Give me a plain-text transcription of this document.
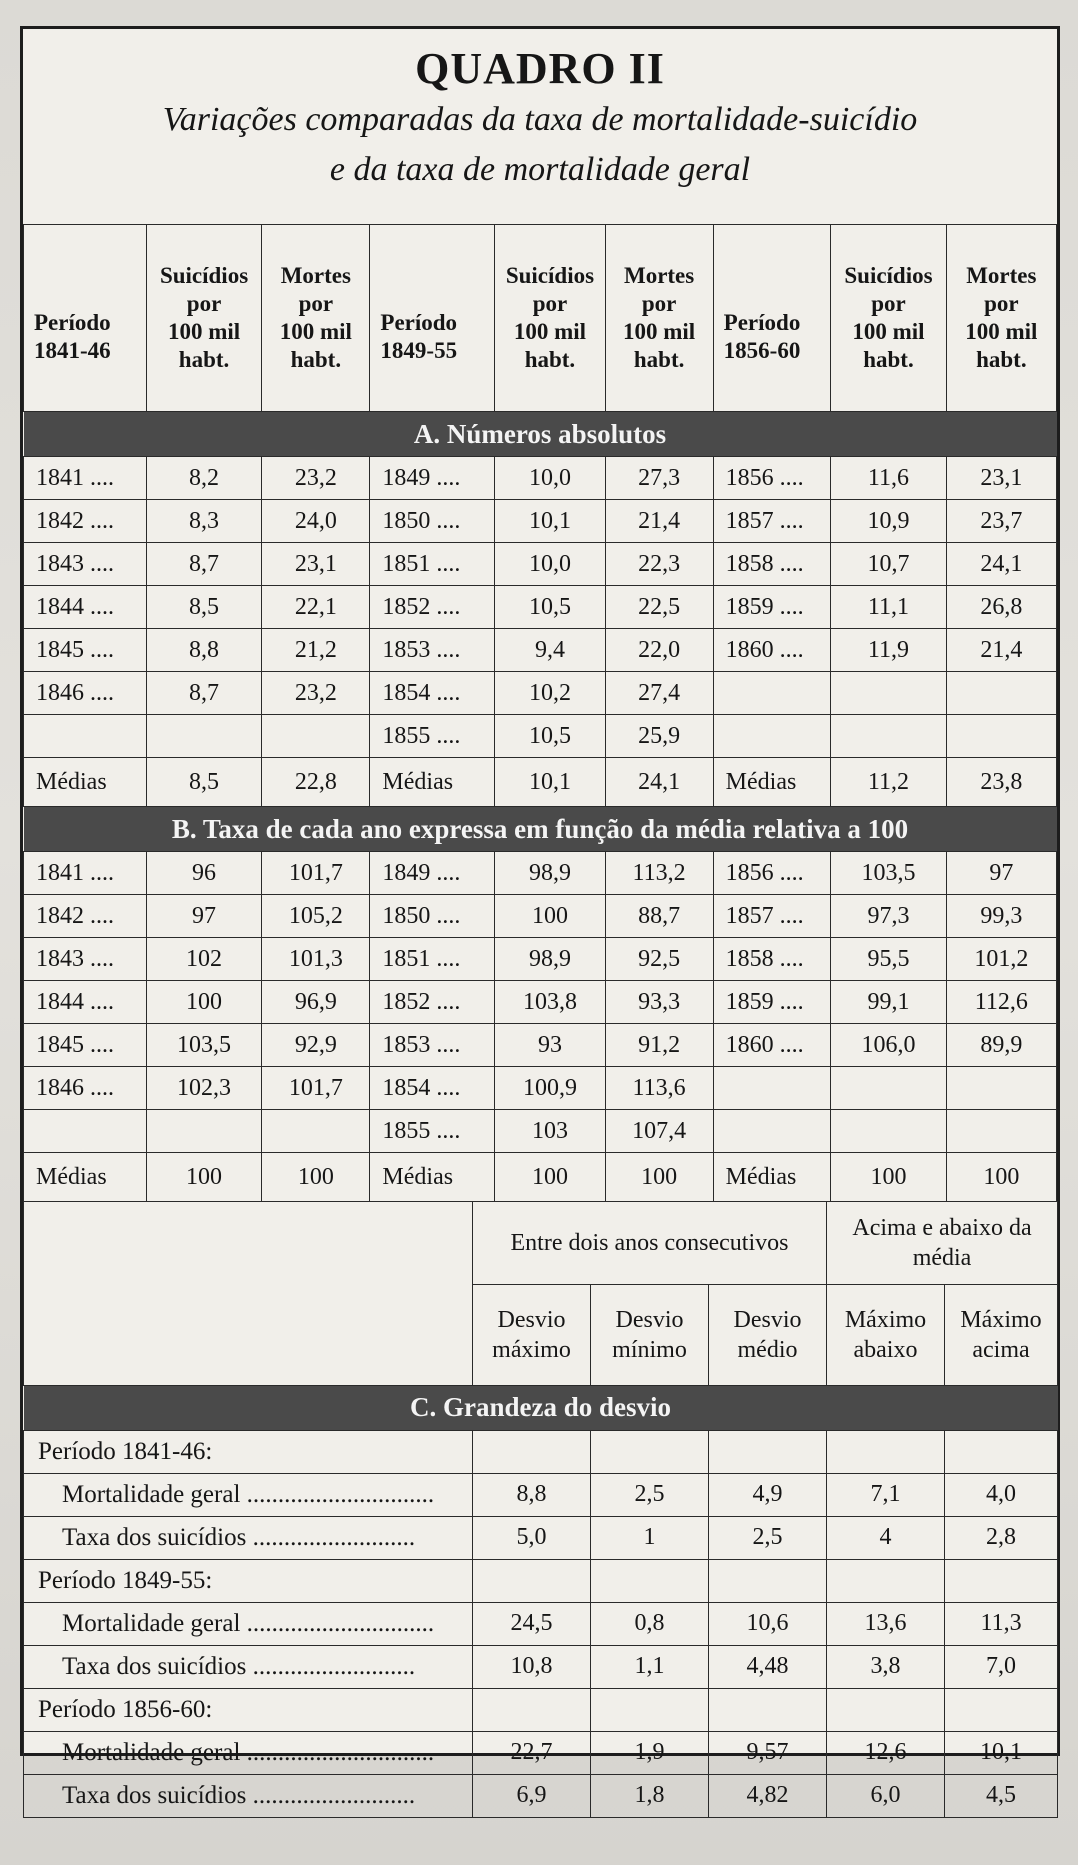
QUADRO II
Variações comparadas da taxa de mortalidade-suicídio
e da taxa de mortalidade geral
Período
1841-46	Suicídios
por
100 mil
habt.	Mortes
por
100 mil
habt.	Período
1849-55	Suicídios
por
100 mil
habt.	Mortes
por
100 mil
habt.	Período
1856-60	Suicídios
por
100 mil
habt.	Mortes
por
100 mil
habt.
A. Números absolutos								
1841 ....	8,2	23,2	1849 ....	10,0	27,3	1856 ....	11,6	23,1
1842 ....	8,3	24,0	1850 ....	10,1	21,4	1857 ....	10,9	23,7
1843 ....	8,7	23,1	1851 ....	10,0	22,3	1858 ....	10,7	24,1
1844 ....	8,5	22,1	1852 ....	10,5	22,5	1859 ....	11,1	26,8
1845 ....	8,8	21,2	1853 ....	9,4	22,0	1860 ....	11,9	21,4
1846 ....	8,7	23,2	1854 ....	10,2	27,4			
			1855 ....	10,5	25,9			
Médias	8,5	22,8	Médias	10,1	24,1	Médias	11,2	23,8
B. Taxa de cada ano expressa em função da média relativa a 100								
1841 ....	96	101,7	1849 ....	98,9	113,2	1856 ....	103,5	97
1842 ....	97	105,2	1850 ....	100	88,7	1857 ....	97,3	99,3
1843 ....	102	101,3	1851 ....	98,9	92,5	1858 ....	95,5	101,2
1844 ....	100	96,9	1852 ....	103,8	93,3	1859 ....	99,1	112,6
1845 ....	103,5	92,9	1853 ....	93	91,2	1860 ....	106,0	89,9
1846 ....	102,3	101,7	1854 ....	100,9	113,6			
			1855 ....	103	107,4			
Médias	100	100	Médias	100	100	Médias	100	100
	Entre dois anos consecutivos			Acima e abaixo da média	
	Desvio máximo	Desvio mínimo	Desvio médio	Máximo abaixo	Máximo acima
C. Grandeza do desvio					
Período 1841-46:					
Mortalidade geral ..............................	8,8	2,5	4,9	7,1	4,0
Taxa dos suicídios ..........................	5,0	1	2,5	4	2,8
Período 1849-55:					
Mortalidade geral ..............................	24,5	0,8	10,6	13,6	11,3
Taxa dos suicídios ..........................	10,8	1,1	4,48	3,8	7,0
Período 1856-60:					
Mortalidade geral ..............................	22,7	1,9	9,57	12,6	10,1
Taxa dos suicídios ..........................	6,9	1,8	4,82	6,0	4,5
